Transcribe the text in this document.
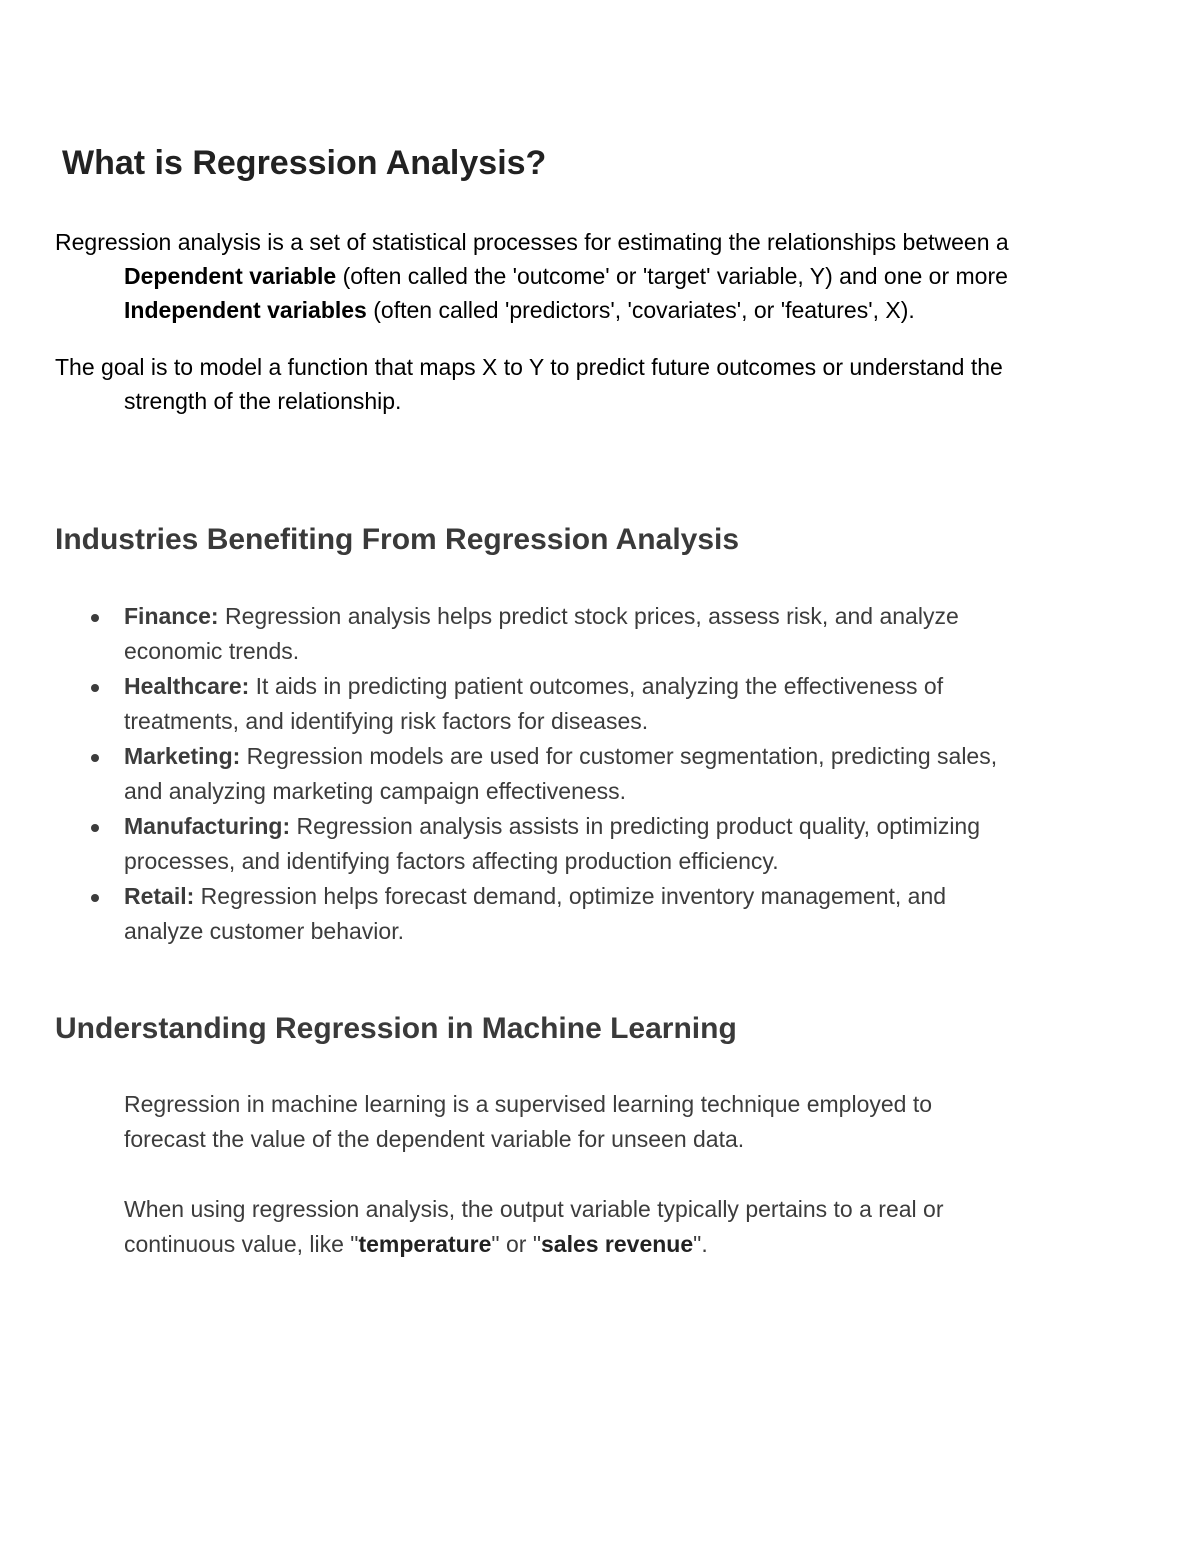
What is Regression Analysis?

Regression analysis is a set of statistical processes for estimating the relationships between a
Dependent variable (often called the 'outcome' or 'target' variable, Y) and one or more
Independent variables (often called 'predictors', 'covariates', or 'features', X).

The goal is to model a function that maps X to Y to predict future outcomes or understand the
strength of the relationship.

Industries Benefiting From Regression Analysis
Finance: Regression analysis helps predict stock prices, assess risk, and analyze
economic trends.
Healthcare: It aids in predicting patient outcomes, analyzing the effectiveness of
treatments, and identifying risk factors for diseases.
Marketing: Regression models are used for customer segmentation, predicting sales,
and analyzing marketing campaign effectiveness.
Manufacturing: Regression analysis assists in predicting product quality, optimizing
processes, and identifying factors affecting production efficiency.
Retail: Regression helps forecast demand, optimize inventory management, and
analyze customer behavior.
Understanding Regression in Machine Learning

Regression in machine learning is a supervised learning technique employed to
forecast the value of the dependent variable for unseen data.

When using regression analysis, the output variable typically pertains to a real or
continuous value, like "temperature" or "sales revenue".
